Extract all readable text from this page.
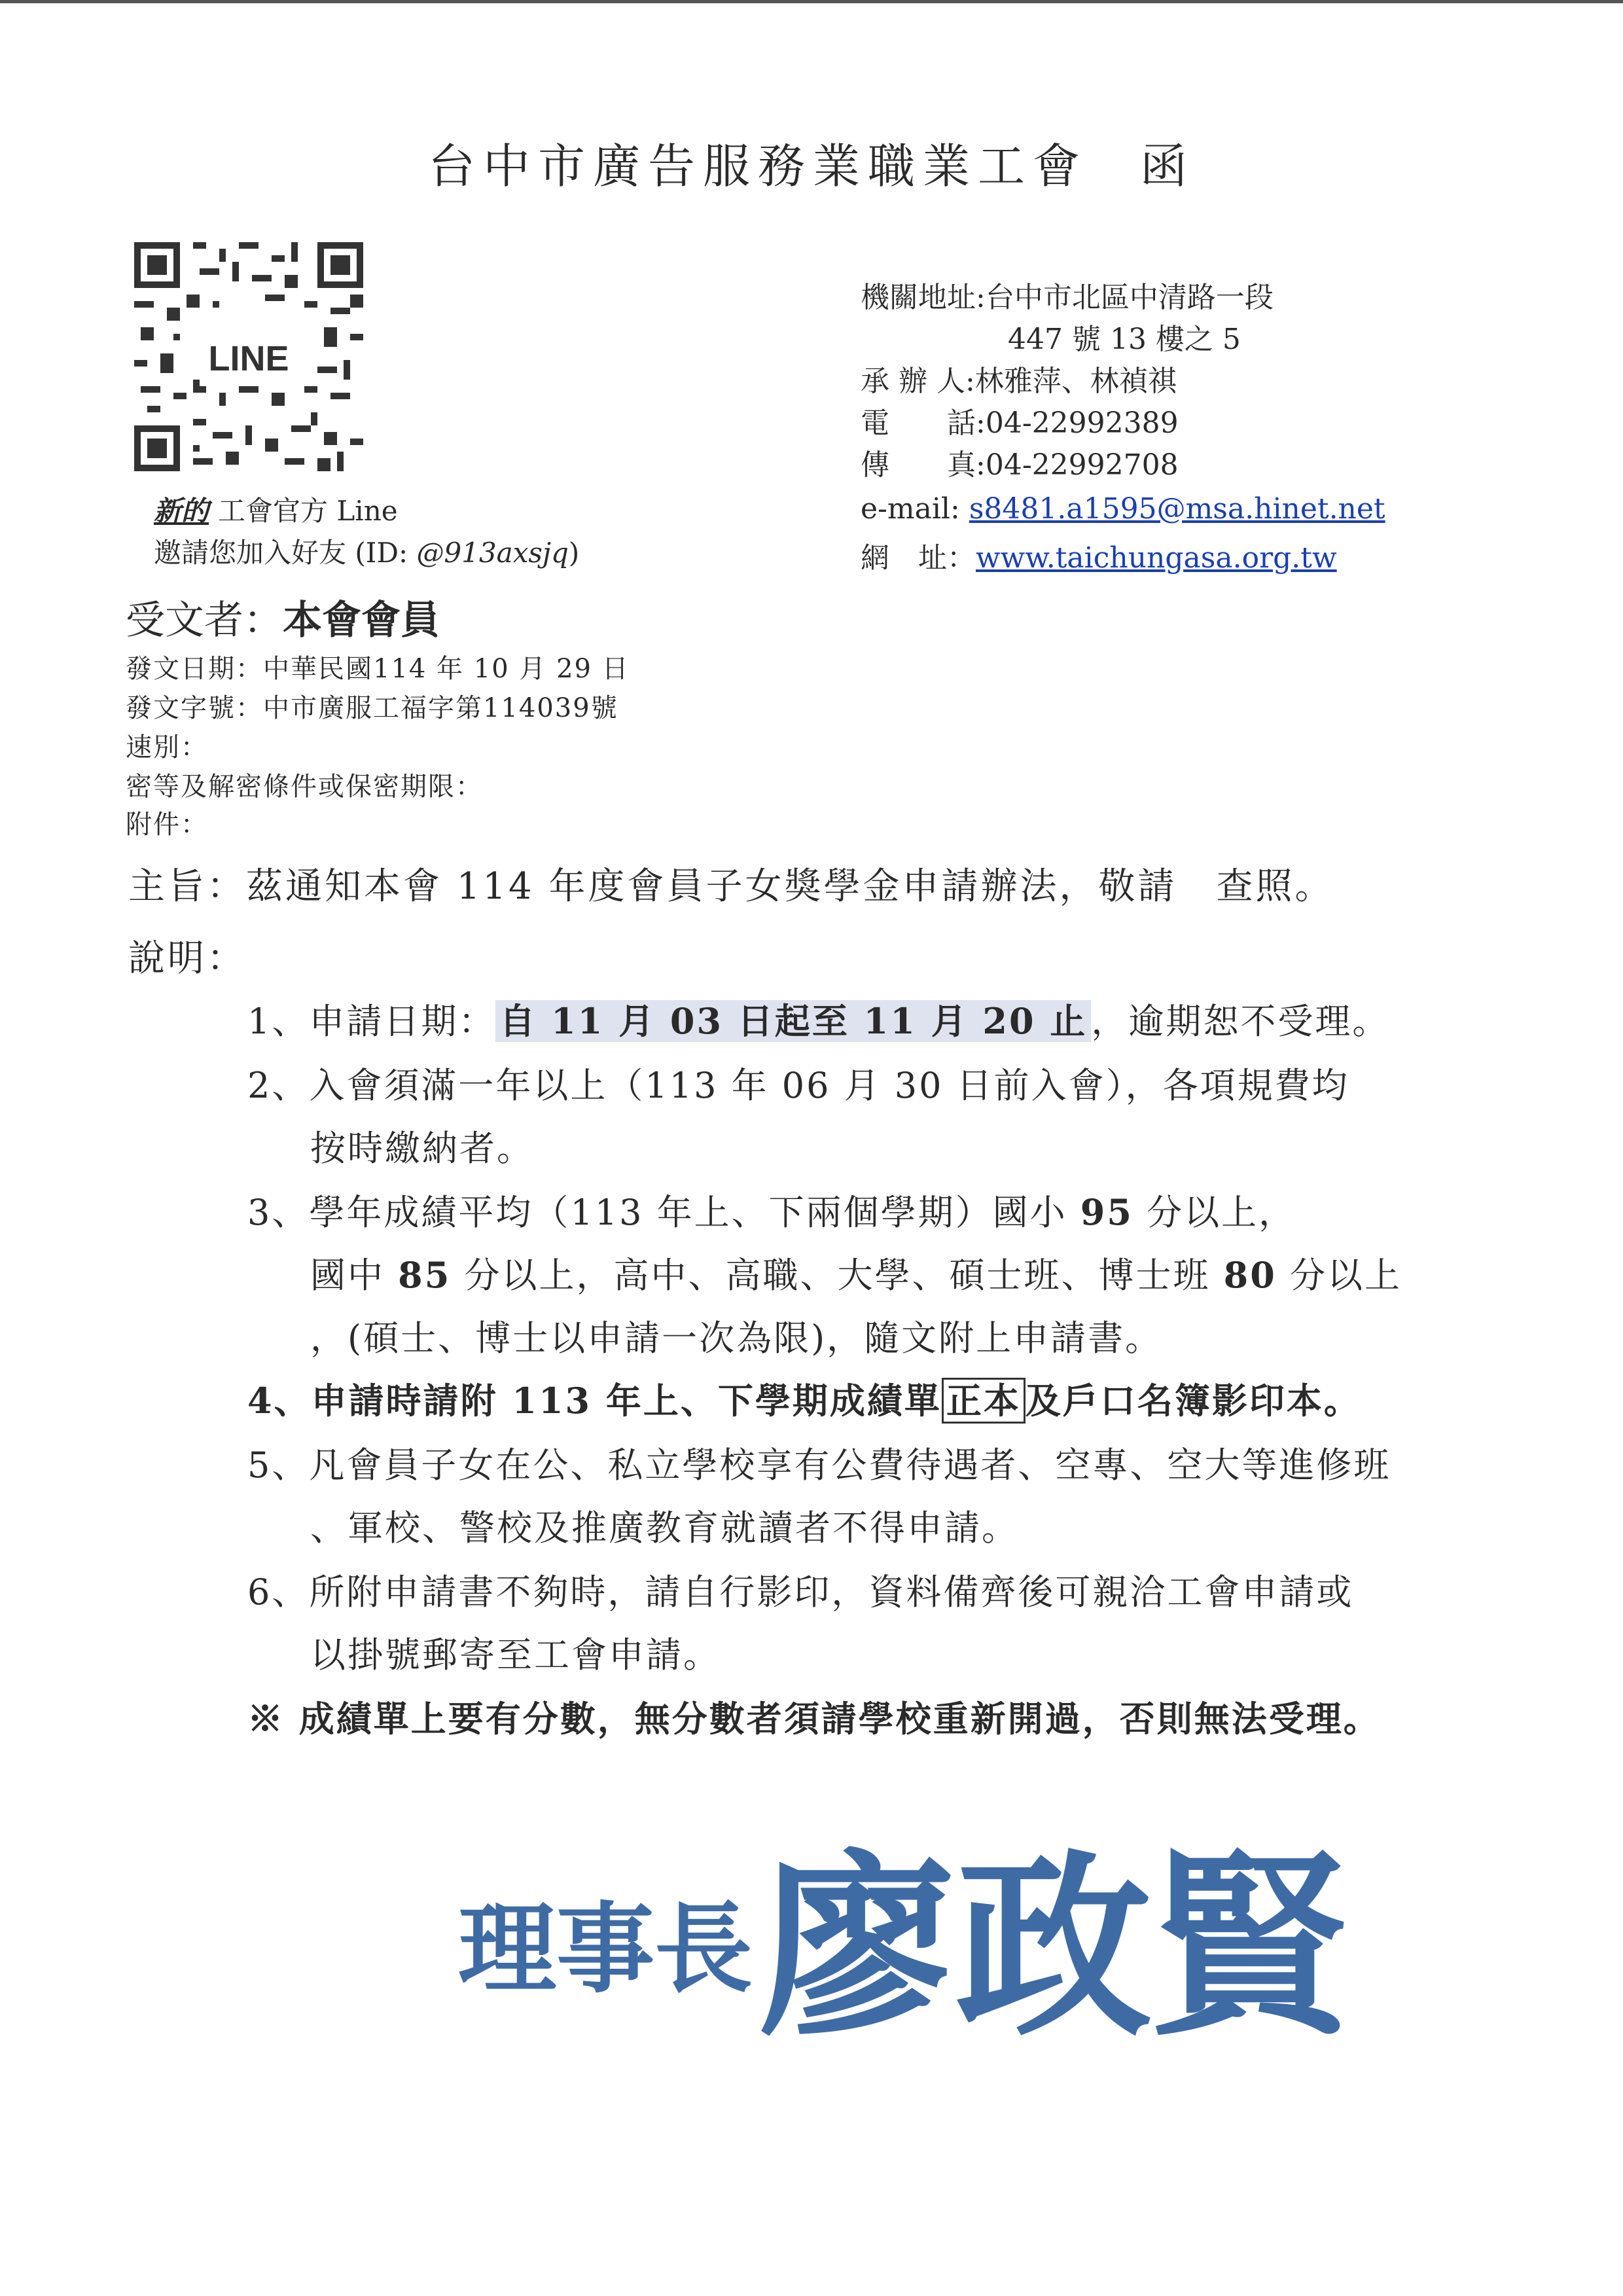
台中市廣告服務業職業工會 函
LINE
新的 工會官方 Line
邀請您加入好友 (ID: @913axsjq)
機關地址:台中市北區中清路一段
447 號 13 樓之 5
承 辦 人:林雅萍、林禎祺
電　　話:04-22992389
傳　　真:04-22992708
e-mail: s8481.a1595@msa.hinet.net
網　址：www.taichungasa.org.tw
受文者：本會會員
發文日期：中華民國114 年 10 月 29 日
發文字號：中市廣服工福字第114039號
速別：
密等及解密條件或保密期限：
附件：
主旨：茲通知本會 114 年度會員子女獎學金申請辦法，敬請 查照。
說明：
1、申請日期： 自 11 月 03 日起至 11 月 20 止 ，逾期恕不受理。
2、入會須滿一年以上（113 年 06 月 30 日前入會），各項規費均
按時繳納者。
3、學年成績平均（113 年上、下兩個學期）國小 95 分以上，
國中 85 分以上，高中、高職、大學、碩士班、博士班 80 分以上
，(碩士、博士以申請一次為限)，隨文附上申請書。
4、申請時請附 113 年上、下學期成績單 正本 及戶口名簿影印本。
5、凡會員子女在公、私立學校享有公費待遇者、空專、空大等進修班
、軍校、警校及推廣教育就讀者不得申請。
6、所附申請書不夠時，請自行影印，資料備齊後可親洽工會申請或
以掛號郵寄至工會申請。
※ 成績單上要有分數，無分數者須請學校重新開過，否則無法受理。
理事長廖政賢
